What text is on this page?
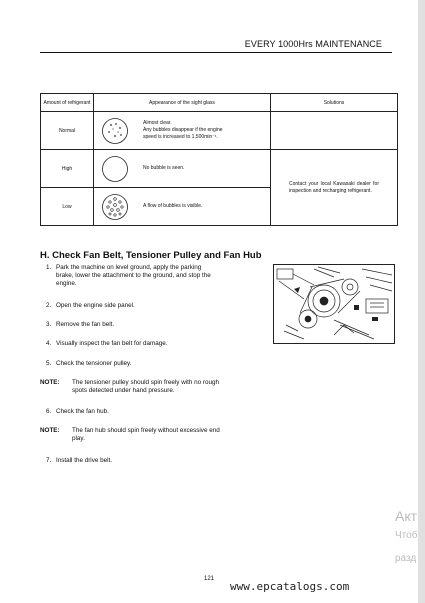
EVERY 1000Hrs MAINTENANCE
Amount of refrigerant	Appearance of the sight glass	Solutions
Normal	Almost clear.
Any bubbles disappear if the engine
speed is increased to 1,500min⁻¹.	

High	No bubble is seen.	Contact your local Kawasaki dealer for inspection and recharging refrigerant.

Low	A flow of bubbles is visible.	
H. Check Fan Belt, Tensioner Pulley and Fan Hub
1. Park the machine on level ground, apply the parking
brake, lower the attachment to the ground, and stop the
engine.
2. Open the engine side panel.
3. Remove the fan belt.
4. Visually inspect the fan belt for damage.
5. Check the tensioner pulley.
NOTE: The tensioner pulley should spin freely with no rough
spots detected under hand pressure.
6. Check the fan hub.
NOTE: The fan hub should spin freely without excessive end
play.
7. Install the drive belt.
121
www.epcatalogs.com
Акт
Чтоб
разд
